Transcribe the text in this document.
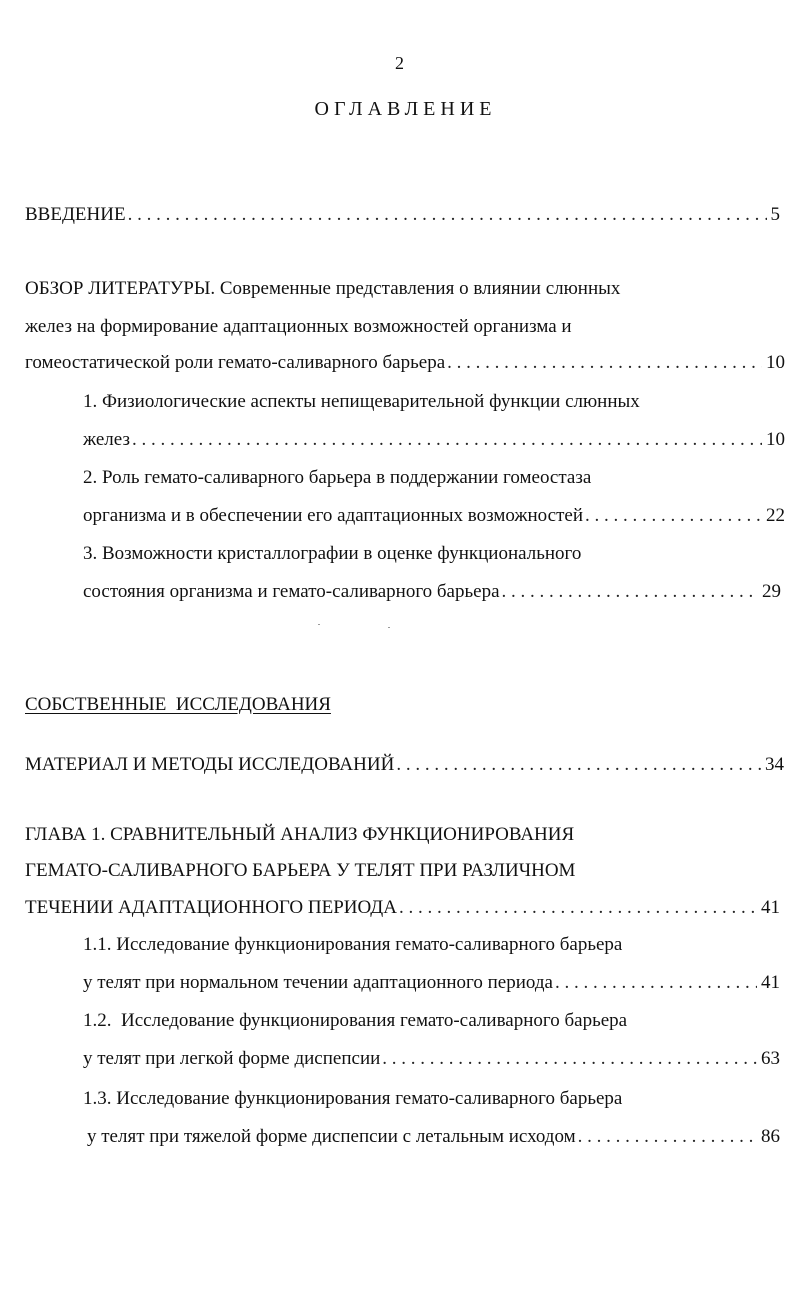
2
ОГЛАВЛЕНИЕ
ВВЕДЕНИЕ . . .	5
ОБЗОР ЛИТЕРАТУРЫ. Современные представления о влиянии слюнных
желез на формирование адаптационных возможностей организма и
гомеостатической роли гемато-саливарного барьера . . .	10
1. Физиологические аспекты непищеварительной функции слюнных
желез . . .	10
2. Роль гемато-саливарного барьера в поддержании гомеостаза
организма и в обеспечении его адаптационных возможностей . . .	22
3. Возможности кристаллографии в оценке функционального
состояния организма и гемато-саливарного барьера . . .	29
СОБСТВЕННЫЕ  ИССЛЕДОВАНИЯ
МАТЕРИАЛ И МЕТОДЫ ИССЛЕДОВАНИЙ . . .	34
ГЛАВА 1. СРАВНИТЕЛЬНЫЙ АНАЛИЗ ФУНКЦИОНИРОВАНИЯ
ГЕМАТО-САЛИВАРНОГО БАРЬЕРА У ТЕЛЯТ ПРИ РАЗЛИЧНОМ
ТЕЧЕНИИ АДАПТАЦИОННОГО ПЕРИОДА . . .	41
1.1. Исследование функционирования гемато-саливарного барьера
у телят при нормальном течении адаптационного периода . . .	41
1.2.  Исследование функционирования гемато-саливарного барьера
у телят при легкой форме диспепсии . . .	63
1.3. Исследование функционирования гемато-саливарного барьера
у телят при тяжелой форме диспепсии с летальным исходом . . .	86
